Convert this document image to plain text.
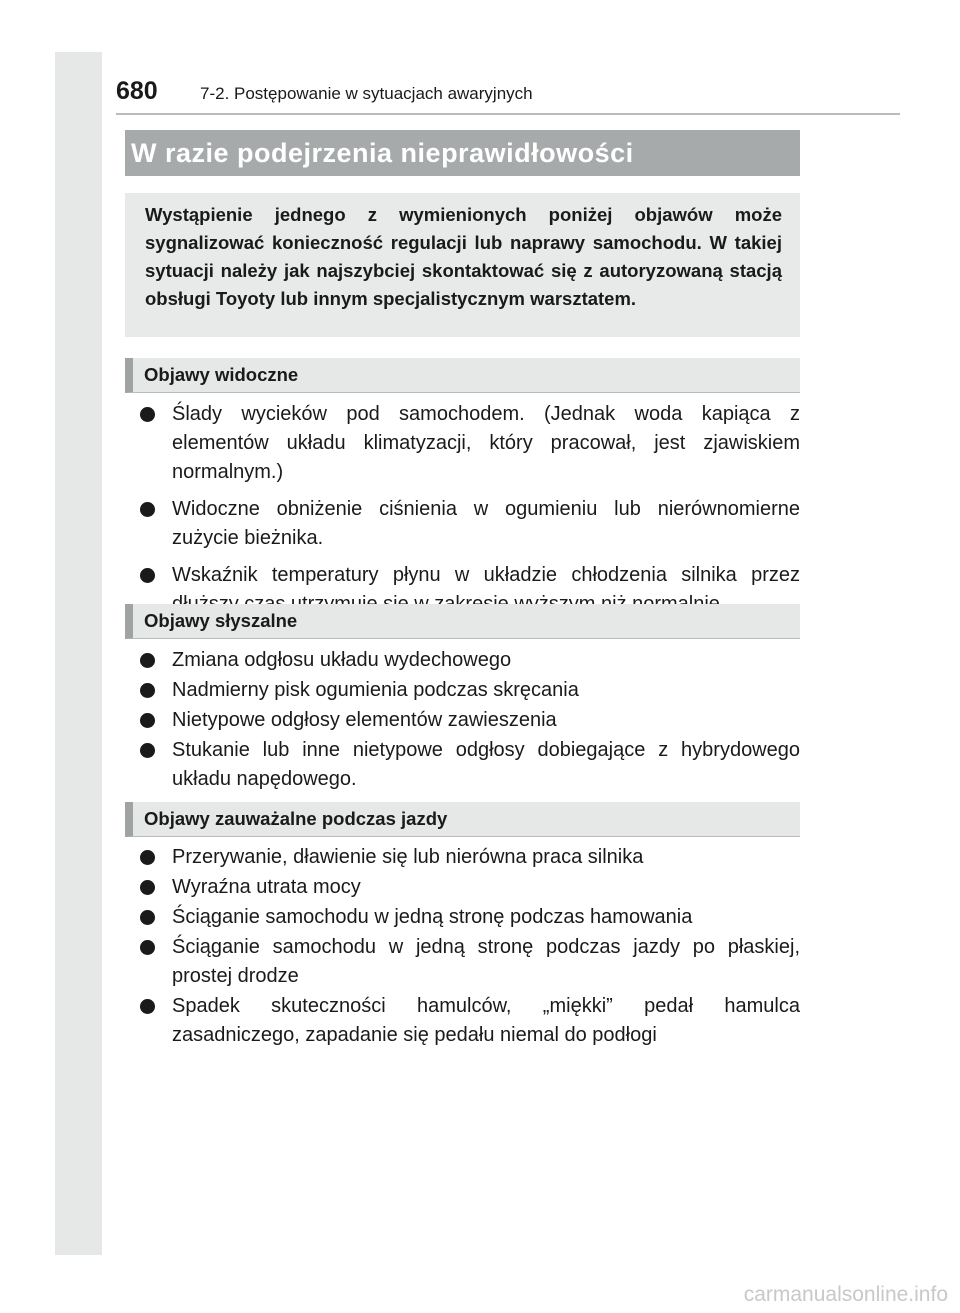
680 7-2. Postępowanie w sytuacjach awaryjnych
W razie podejrzenia nieprawidłowości
Wystąpienie jednego z wymienionych poniżej objawów może sygnalizować konieczność regulacji lub naprawy samochodu. W takiej sytuacji należy jak najszybciej skontaktować się z autoryzowaną stacją obsługi Toyoty lub innym specjalistycznym warsztatem.
Objawy widoczne
Ślady wycieków pod samochodem. (Jednak woda kapiąca z elementów układu klimatyzacji, który pracował, jest zjawiskiem normalnym.)
Widoczne obniżenie ciśnienia w ogumieniu lub nierównomierne zużycie bieżnika.
Wskaźnik temperatury płynu w układzie chłodzenia silnika przez
Objawy słyszalne
Zmiana odgłosu układu wydechowego
Nadmierny pisk ogumienia podczas skręcania
Nietypowe odgłosy elementów zawieszenia
Stukanie lub inne nietypowe odgłosy dobiegające z hybrydowego układu napędowego.
Objawy zauważalne podczas jazdy
Przerywanie, dławienie się lub nierówna praca silnika
Wyraźna utrata mocy
Ściąganie samochodu w jedną stronę podczas hamowania
Ściąganie samochodu w jedną stronę podczas jazdy po płaskiej, prostej drodze
Spadek skuteczności hamulców, „miękki” pedał hamulca zasadniczego, zapadanie się pedału niemal do podłogi
carmanualsonline.info
